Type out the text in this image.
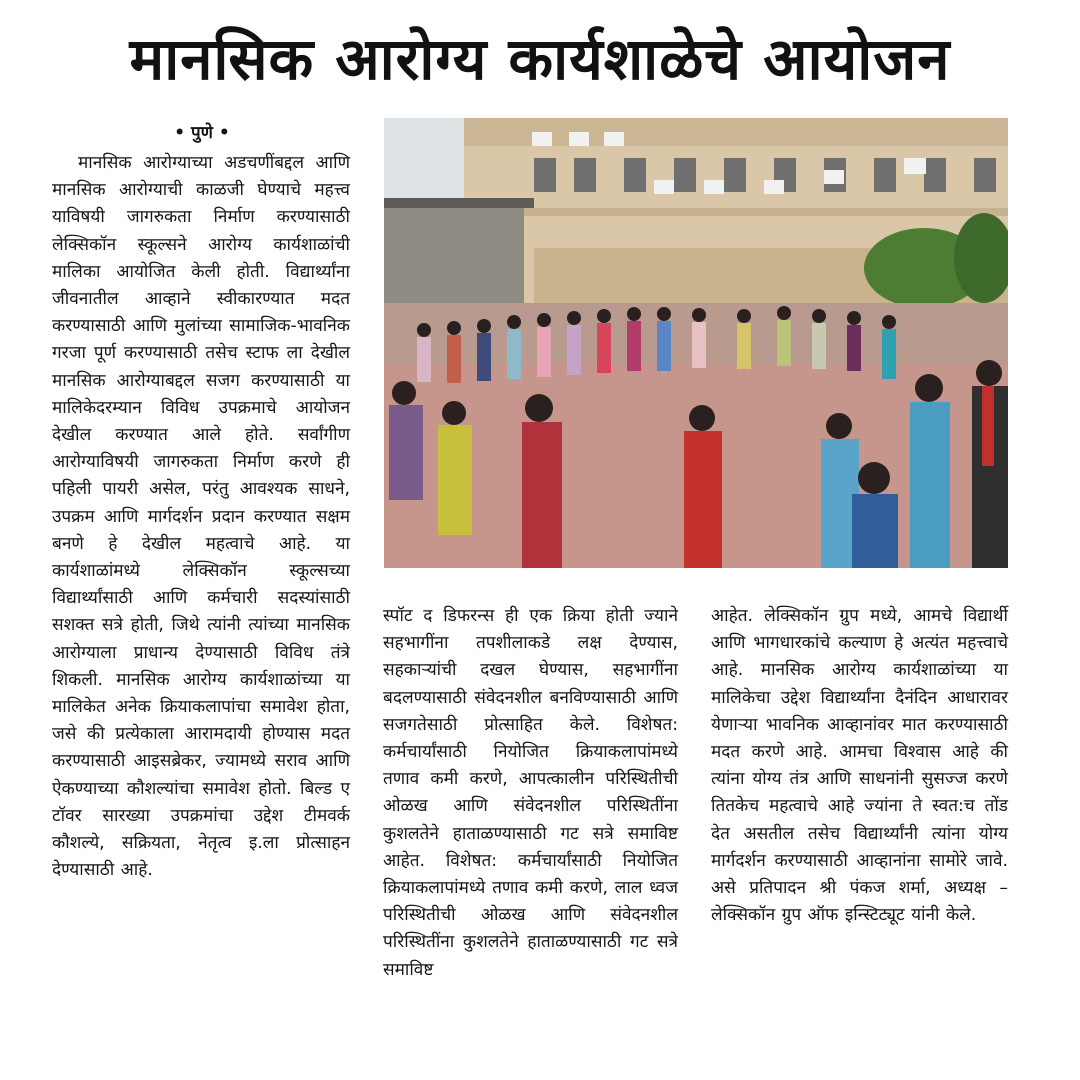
मानसिक आरोग्य कार्यशाळेचे आयोजन
• पुणे •
मानसिक आरोग्याच्या अडचणींबद्दल आणि मानसिक आरोग्याची काळजी घेण्याचे महत्त्व याविषयी जागरुकता निर्माण करण्यासाठी लेक्सिकॉन स्कूल्सने आरोग्य कार्यशाळांची मालिका आयोजित केली होती. विद्यार्थ्यांना जीवनातील आव्हाने स्वीकारण्यात मदत करण्यासाठी आणि मुलांच्या सामाजिक-भावनिक गरजा पूर्ण करण्यासाठी तसेच स्टाफ ला देखील मानसिक आरोग्याबद्दल सजग करण्यासाठी या मालिकेदरम्यान विविध उपक्रमाचे आयोजन देखील करण्यात आले होते. सर्वांगीण आरोग्याविषयी जागरुकता निर्माण करणे ही पहिली पायरी असेल, परंतु आवश्यक साधने, उपक्रम आणि मार्गदर्शन प्रदान करण्यात सक्षम बनणे हे देखील महत्वाचे आहे. या कार्यशाळांमध्ये लेक्सिकॉन स्कूल्सच्या विद्यार्थ्यांसाठी आणि कर्मचारी सदस्यांसाठी सशक्त सत्रे होती, जिथे त्यांनी त्यांच्या मानसिक आरोग्याला प्राधान्य देण्यासाठी विविध तंत्रे शिकली. मानसिक आरोग्य कार्यशाळांच्या या मालिकेत अनेक क्रियाकलापांचा समावेश होता, जसे की प्रत्येकाला आरामदायी होण्यास मदत करण्यासाठी आइसब्रेकर, ज्यामध्ये सराव आणि ऐकण्याच्या कौशल्यांचा समावेश होतो. बिल्ड ए टॉवर सारख्या उपक्रमांचा उद्देश टीमवर्क कौशल्ये, सक्रियता, नेतृत्व इ.ला प्रोत्साहन देण्यासाठी आहे.
स्पॉट द डिफरन्स ही एक क्रिया होती ज्याने सहभागींना तपशीलाकडे लक्ष देण्यास, सहकाऱ्यांची दखल घेण्यास, सहभागींना बदलण्यासाठी संवेदनशील बनविण्यासाठी आणि सजगतेसाठी प्रोत्साहित केले. विशेषत: कर्मचार्यांसाठी नियोजित क्रियाकलापांमध्ये तणाव कमी करणे, आपत्कालीन परिस्थितीची ओळख आणि संवेदनशील परिस्थितींना कुशलतेने हाताळण्यासाठी गट सत्रे समाविष्ट आहेत. विशेषत: कर्मचार्यांसाठी नियोजित क्रियाकलापांमध्ये तणाव कमी करणे, लाल ध्वज परिस्थितीची ओळख आणि संवेदनशील परिस्थितींना कुशलतेने हाताळण्यासाठी गट सत्रे समाविष्ट
आहेत. लेक्सिकॉन ग्रुप मध्ये, आमचे विद्यार्थी आणि भागधारकांचे कल्याण हे अत्यंत महत्त्वाचे आहे. मानसिक आरोग्य कार्यशाळांच्या या मालिकेचा उद्देश विद्यार्थ्यांना दैनंदिन आधारावर येणाऱ्या भावनिक आव्हानांवर मात करण्यासाठी मदत करणे आहे. आमचा विश्वास आहे की त्यांना योग्य तंत्र आणि साधनांनी सुसज्ज करणे तितकेच महत्वाचे आहे ज्यांना ते स्वत:च तोंड देत असतील तसेच विद्यार्थ्यांनी त्यांना योग्य मार्गदर्शन करण्यासाठी आव्हानांना सामोरे जावे. असे प्रतिपादन श्री पंकज शर्मा, अध्यक्ष – लेक्सिकॉन ग्रुप ऑफ इन्स्टिट्यूट यांनी केले.
